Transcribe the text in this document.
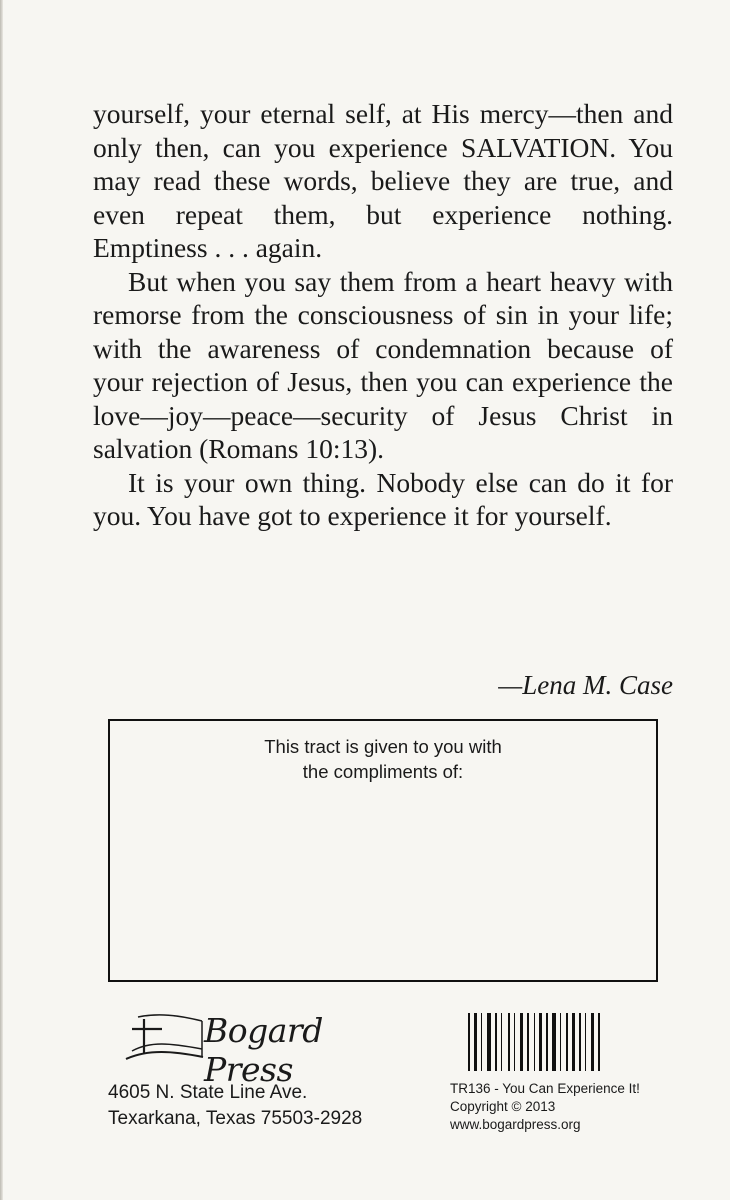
yourself, your eternal self, at His mercy—then and only then, can you experience SALVATION. You may read these words, believe they are true, and even repeat them, but experience nothing. Emptiness . . . again.

But when you say them from a heart heavy with remorse from the consciousness of sin in your life; with the awareness of condemnation because of your rejection of Jesus, then you can experience the love—joy—peace—security of Jesus Christ in salvation (Romans 10:13).

It is your own thing. Nobody else can do it for you. You have got to experience it for yourself.

—Lena M. Case
This tract is given to you with
the compliments of:
Bogard Press
4605 N. State Line Ave.
Texarkana, Texas 75503-2928
TR136 - You Can Experience It!
Copyright © 2013
www.bogardpress.org
